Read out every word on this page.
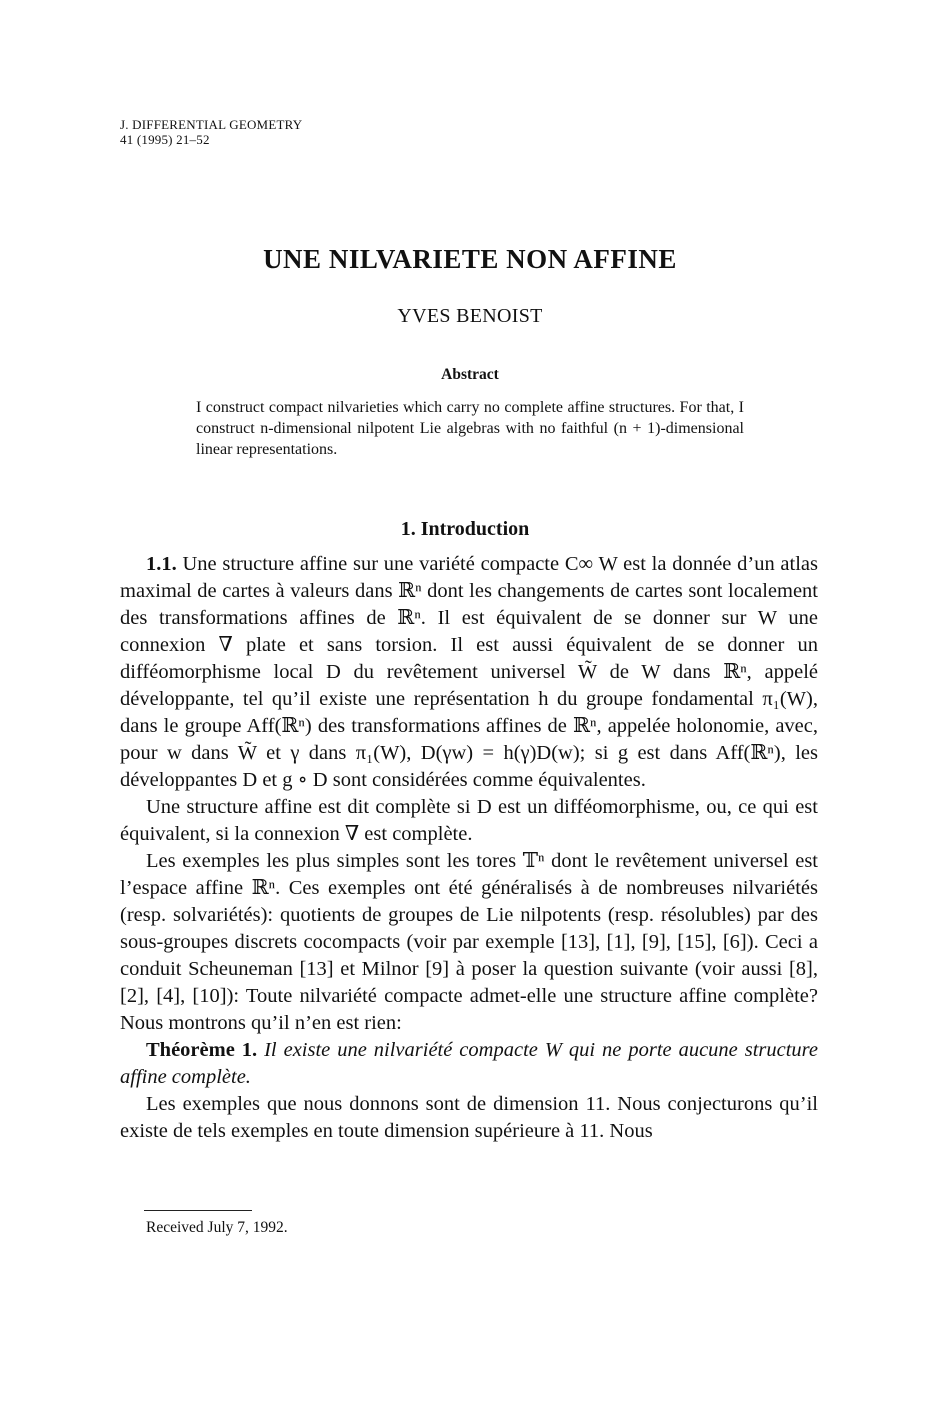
J. DIFFERENTIAL GEOMETRY
41 (1995) 21–52
UNE NILVARIETE NON AFFINE
YVES BENOIST
Abstract
I construct compact nilvarieties which carry no complete affine structures. For that, I construct n-dimensional nilpotent Lie algebras with no faithful (n + 1)-dimensional linear representations.
1. Introduction

1.1. Une structure affine sur une variété compacte C∞ W est la donnée d’un atlas maximal de cartes à valeurs dans ℝⁿ dont les changements de cartes sont localement des transformations affines de ℝⁿ. Il est équivalent de se donner sur W une connexion ∇ plate et sans torsion. Il est aussi équivalent de se donner un difféomorphisme local D du revêtement universel W̃ de W dans ℝⁿ, appelé développante, tel qu’il existe une représentation h du groupe fondamental π₁(W), dans le groupe Aff(ℝⁿ) des transformations affines de ℝⁿ, appelée holonomie, avec, pour w dans W̃ et γ dans π₁(W), D(γw) = h(γ)D(w); si g est dans Aff(ℝⁿ), les développantes D et g ∘ D sont considérées comme équivalentes.

Une structure affine est dit complète si D est un difféomorphisme, ou, ce qui est équivalent, si la connexion ∇ est complète.

Les exemples les plus simples sont les tores 𝕋ⁿ dont le revêtement universel est l’espace affine ℝⁿ. Ces exemples ont été généralisés à de nombreuses nilvariétés (resp. solvariétés): quotients de groupes de Lie nilpotents (resp. résolubles) par des sous-groupes discrets cocompacts (voir par exemple [13], [1], [9], [15], [6]). Ceci a conduit Scheuneman [13] et Milnor [9] à poser la question suivante (voir aussi [8], [2], [4], [10]): Toute nilvariété compacte admet-elle une structure affine complète? Nous montrons qu’il n’en est rien:

Théorème 1. Il existe une nilvariété compacte W qui ne porte aucune structure affine complète.

Les exemples que nous donnons sont de dimension 11. Nous conjecturons qu’il existe de tels exemples en toute dimension supérieure à 11. Nous

Received July 7, 1992.
